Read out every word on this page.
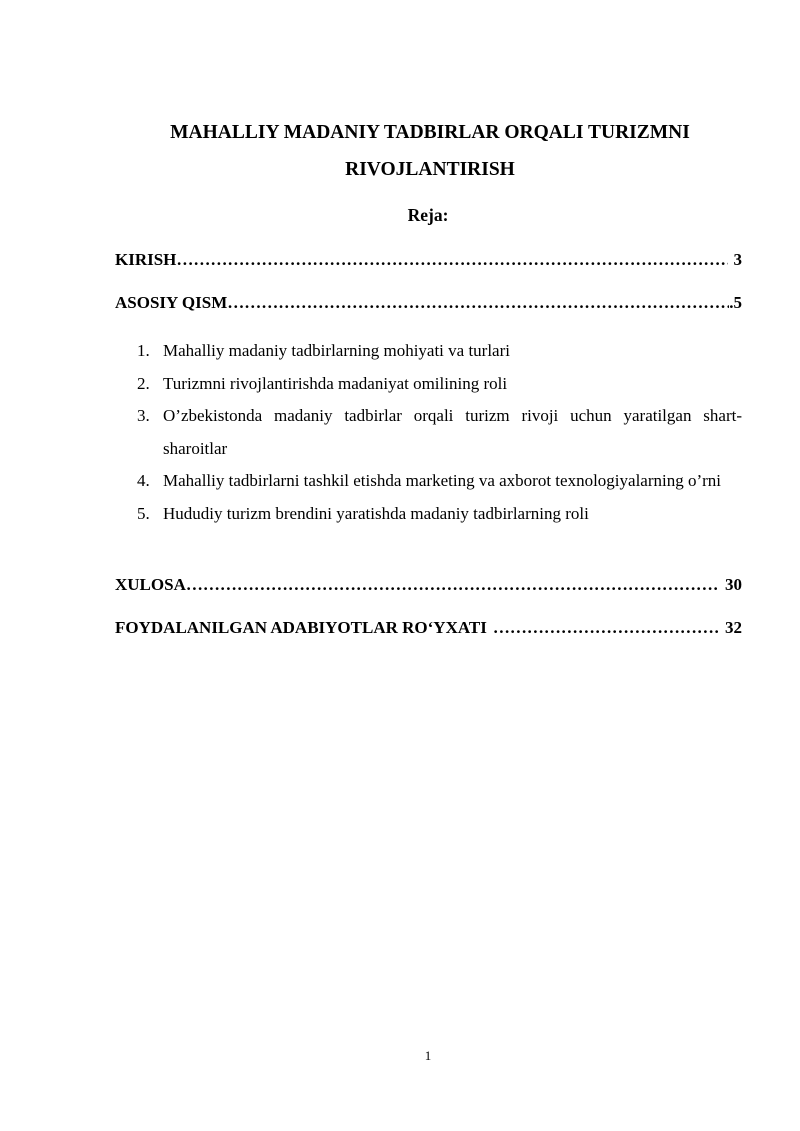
MAHALLIY MADANIY TADBIRLAR ORQALI TURIZMNI
RIVOJLANTIRISH
Reja:
KIRISH ………………………………………………………………………………………………………………………………………………………………………	3
ASOSIY QISM ………………………………………………………………………………………………………………………………………………………………………	.5
1. Mahalliy madaniy tadbirlarning mohiyati va turlari
2. Turizmni rivojlantirishda madaniyat omilining roli
3. O’zbekistonda madaniy tadbirlar orqali turizm rivoji uchun yaratilgan shart-sharoitlar
4. Mahalliy tadbirlarni tashkil etishda marketing va axborot texnologiyalarning o’rni
5. Hududiy turizm brendini yaratishda madaniy tadbirlarning roli
XULOSA ………………………………………………………………………………………………………………………………………………………………………	30
FOYDALANILGAN ADABIYOTLAR RO‘YXATI ………………………………………………………………………………………………………………………………………………………………………	32
1
